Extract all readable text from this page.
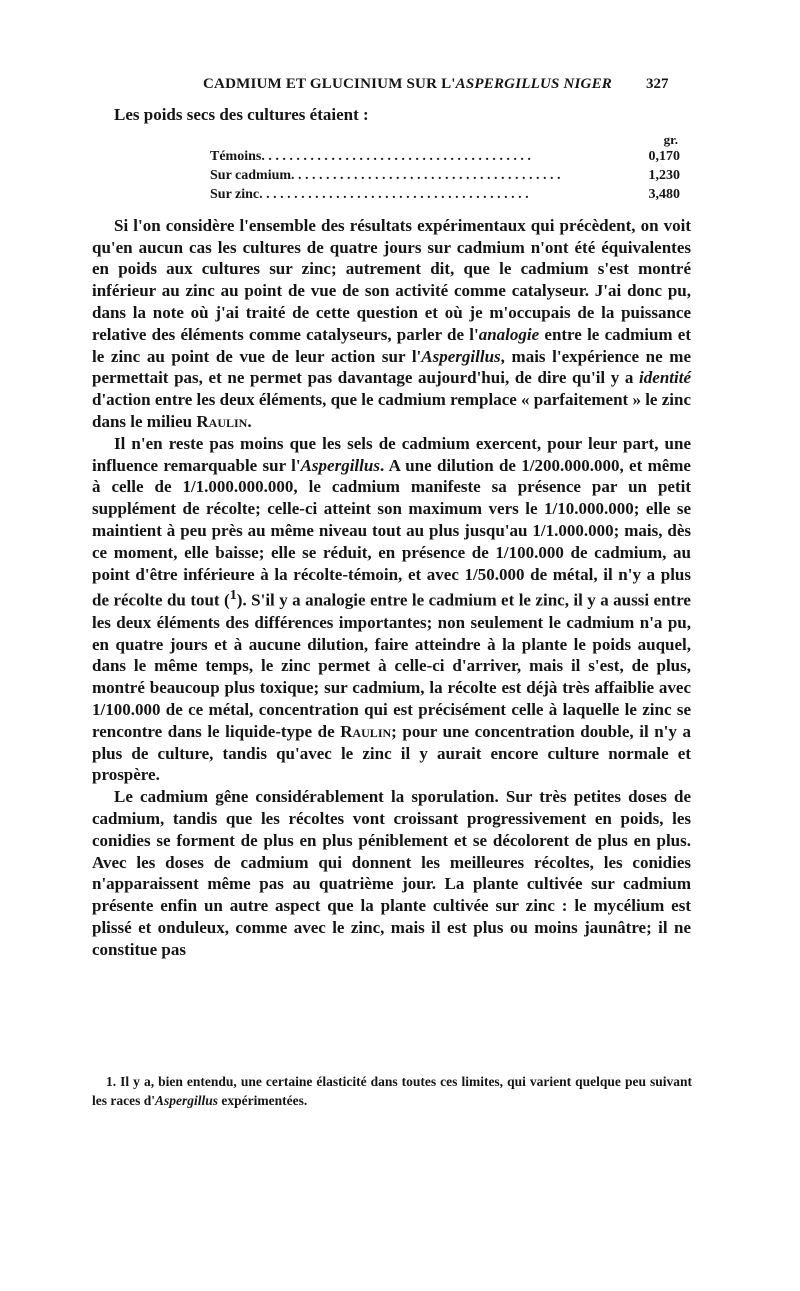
CADMIUM ET GLUCINIUM SUR L'ASPERGILLUS NIGER 327

Les poids secs des cultures étaient :

gr.
Témoins. . . . . . . . . . . . . . . . . . . . . . . . . . . . . . . . . . . . . . .	0,170
Sur cadmium. . . . . . . . . . . . . . . . . . . . . . . . . . . . . . . . . . . . . . .	1,230
Sur zinc. . . . . . . . . . . . . . . . . . . . . . . . . . . . . . . . . . . . . . .	3,480

Si l'on considère l'ensemble des résultats expérimentaux qui précèdent, on voit qu'en aucun cas les cultures de quatre jours sur cadmium n'ont été équivalentes en poids aux cultures sur zinc; autrement dit, que le cadmium s'est montré inférieur au zinc au point de vue de son activité comme catalyseur. J'ai donc pu, dans la note où j'ai traité de cette question et où je m'occupais de la puissance relative des éléments comme catalyseurs, parler de l'analogie entre le cadmium et le zinc au point de vue de leur action sur l'Aspergillus, mais l'expérience ne me permettait pas, et ne permet pas davantage aujourd'hui, de dire qu'il y a identité d'action entre les deux éléments, que le cadmium remplace « parfaitement » le zinc dans le milieu Raulin.

Il n'en reste pas moins que les sels de cadmium exercent, pour leur part, une influence remarquable sur l'Aspergillus. A une dilution de 1/200.000.000, et même à celle de 1/1.000.000.000, le cadmium manifeste sa présence par un petit supplément de récolte; celle-ci atteint son maximum vers le 1/10.000.000; elle se maintient à peu près au même niveau tout au plus jusqu'au 1/1.000.000; mais, dès ce moment, elle baisse; elle se réduit, en présence de 1/100.000 de cadmium, au point d'être inférieure à la récolte-témoin, et avec 1/50.000 de métal, il n'y a plus de récolte du tout ($^1$). S'il y a analogie entre le cadmium et le zinc, il y a aussi entre les deux éléments des différences importantes; non seulement le cadmium n'a pu, en quatre jours et à aucune dilution, faire atteindre à la plante le poids auquel, dans le même temps, le zinc permet à celle-ci d'arriver, mais il s'est, de plus, montré beaucoup plus toxique; sur cadmium, la récolte est déjà très affaiblie avec 1/100.000 de ce métal, concentration qui est précisément celle à laquelle le zinc se rencontre dans le liquide-type de Raulin; pour une concentration double, il n'y a plus de culture, tandis qu'avec le zinc il y aurait encore culture normale et prospère.

Le cadmium gêne considérablement la sporulation. Sur très petites doses de cadmium, tandis que les récoltes vont croissant progressivement en poids, les conidies se forment de plus en plus péniblement et se décolorent de plus en plus. Avec les doses de cadmium qui donnent les meilleures récoltes, les conidies n'apparaissent même pas au quatrième jour. La plante cultivée sur cadmium présente enfin un autre aspect que la plante cultivée sur zinc : le mycélium est plissé et onduleux, comme avec le zinc, mais il est plus ou moins jaunâtre; il ne constitue pas

1. Il y a, bien entendu, une certaine élasticité dans toutes ces limites, qui varient quelque peu suivant les races d'Aspergillus expérimentées.
